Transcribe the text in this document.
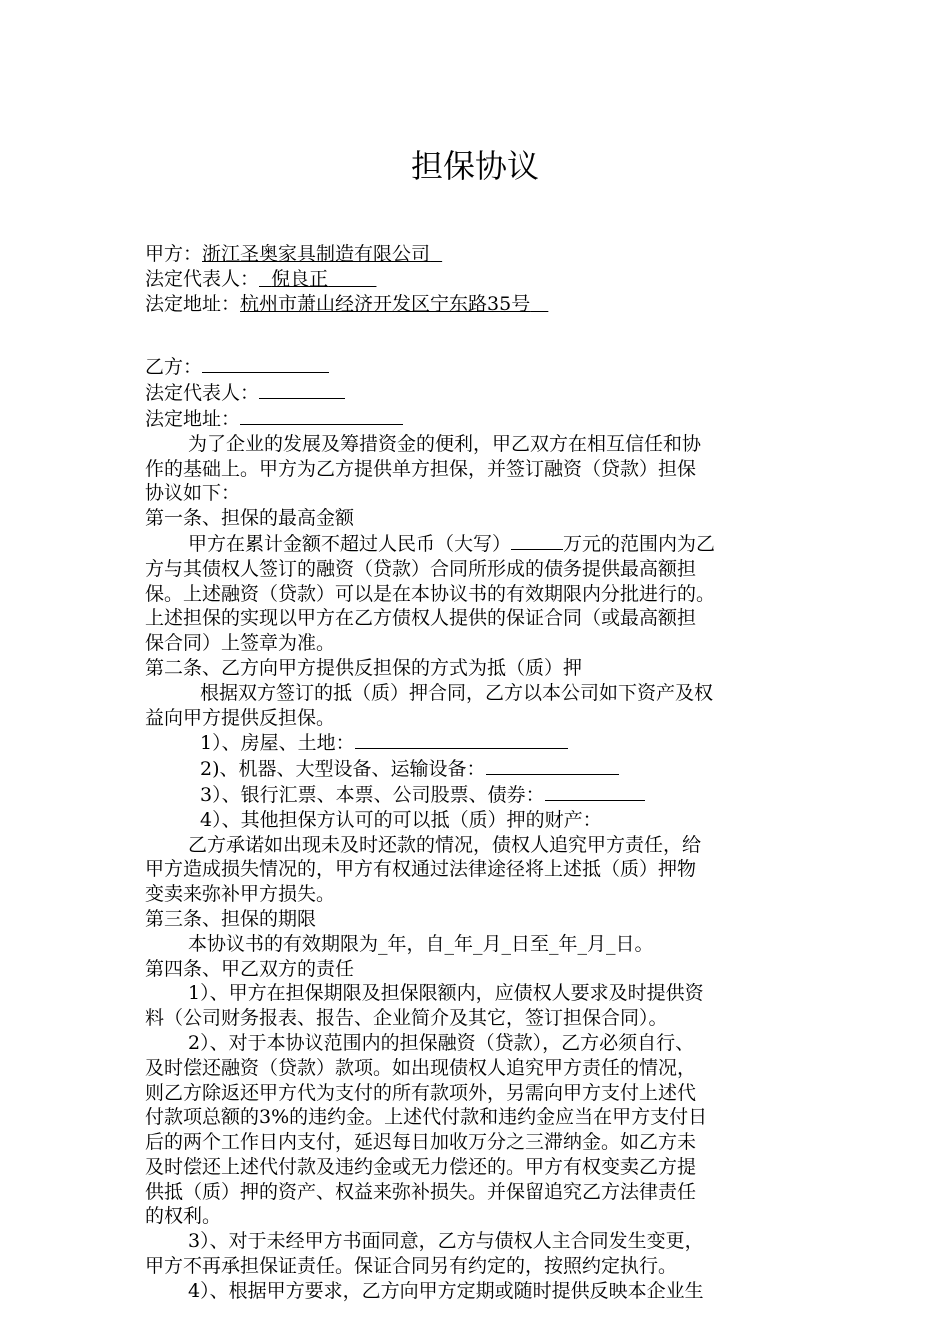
担保协议
甲方：浙江圣奥家具制造有限公司
法定代表人： 倪良正
法定地址：杭州市萧山经济开发区宁东路35号
乙方：
法定代表人：
法定地址：
为了企业的发展及筹措资金的便利，甲乙双方在相互信任和协
作的基础上。甲方为乙方提供单方担保，并签订融资（贷款）担保
协议如下：
第一条、担保的最高金额
甲方在累计金额不超过人民币（大写）	万元的范围内为乙
方与其债权人签订的融资（贷款）合同所形成的债务提供最高额担
保。上述融资（贷款）可以是在本协议书的有效期限内分批进行的。
上述担保的实现以甲方在乙方债权人提供的保证合同（或最高额担
保合同）上签章为准。
第二条、乙方向甲方提供反担保的方式为抵（质）押
根据双方签订的抵（质）押合同，乙方以本公司如下资产及权
益向甲方提供反担保。
1）、房屋、土地：
2)、机器、大型设备、运输设备：
3）、银行汇票、本票、公司股票、债券：
4）、其他担保方认可的可以抵（质）押的财产：
乙方承诺如出现未及时还款的情况，债权人追究甲方责任，给
甲方造成损失情况的，甲方有权通过法律途径将上述抵（质）押物
变卖来弥补甲方损失。
第三条、担保的期限
本协议书的有效期限为_年，自_年_月_日至_年_月_日。
第四条、甲乙双方的责任
1）、甲方在担保期限及担保限额内，应债权人要求及时提供资
料（公司财务报表、报告、企业简介及其它，签订担保合同）。
2）、对于本协议范围内的担保融资（贷款），乙方必须自行、
及时偿还融资（贷款）款项。如出现债权人追究甲方责任的情况，
则乙方除返还甲方代为支付的所有款项外，另需向甲方支付上述代
付款项总额的3%的违约金。上述代付款和违约金应当在甲方支付日
后的两个工作日内支付，延迟每日加收万分之三滞纳金。如乙方未
及时偿还上述代付款及违约金或无力偿还的。甲方有权变卖乙方提
供抵（质）押的资产、权益来弥补损失。并保留追究乙方法律责任
的权利。
3）、对于未经甲方书面同意，乙方与债权人主合同发生变更，
甲方不再承担保证责任。保证合同另有约定的，按照约定执行。
4）、根据甲方要求，乙方向甲方定期或随时提供反映本企业生
